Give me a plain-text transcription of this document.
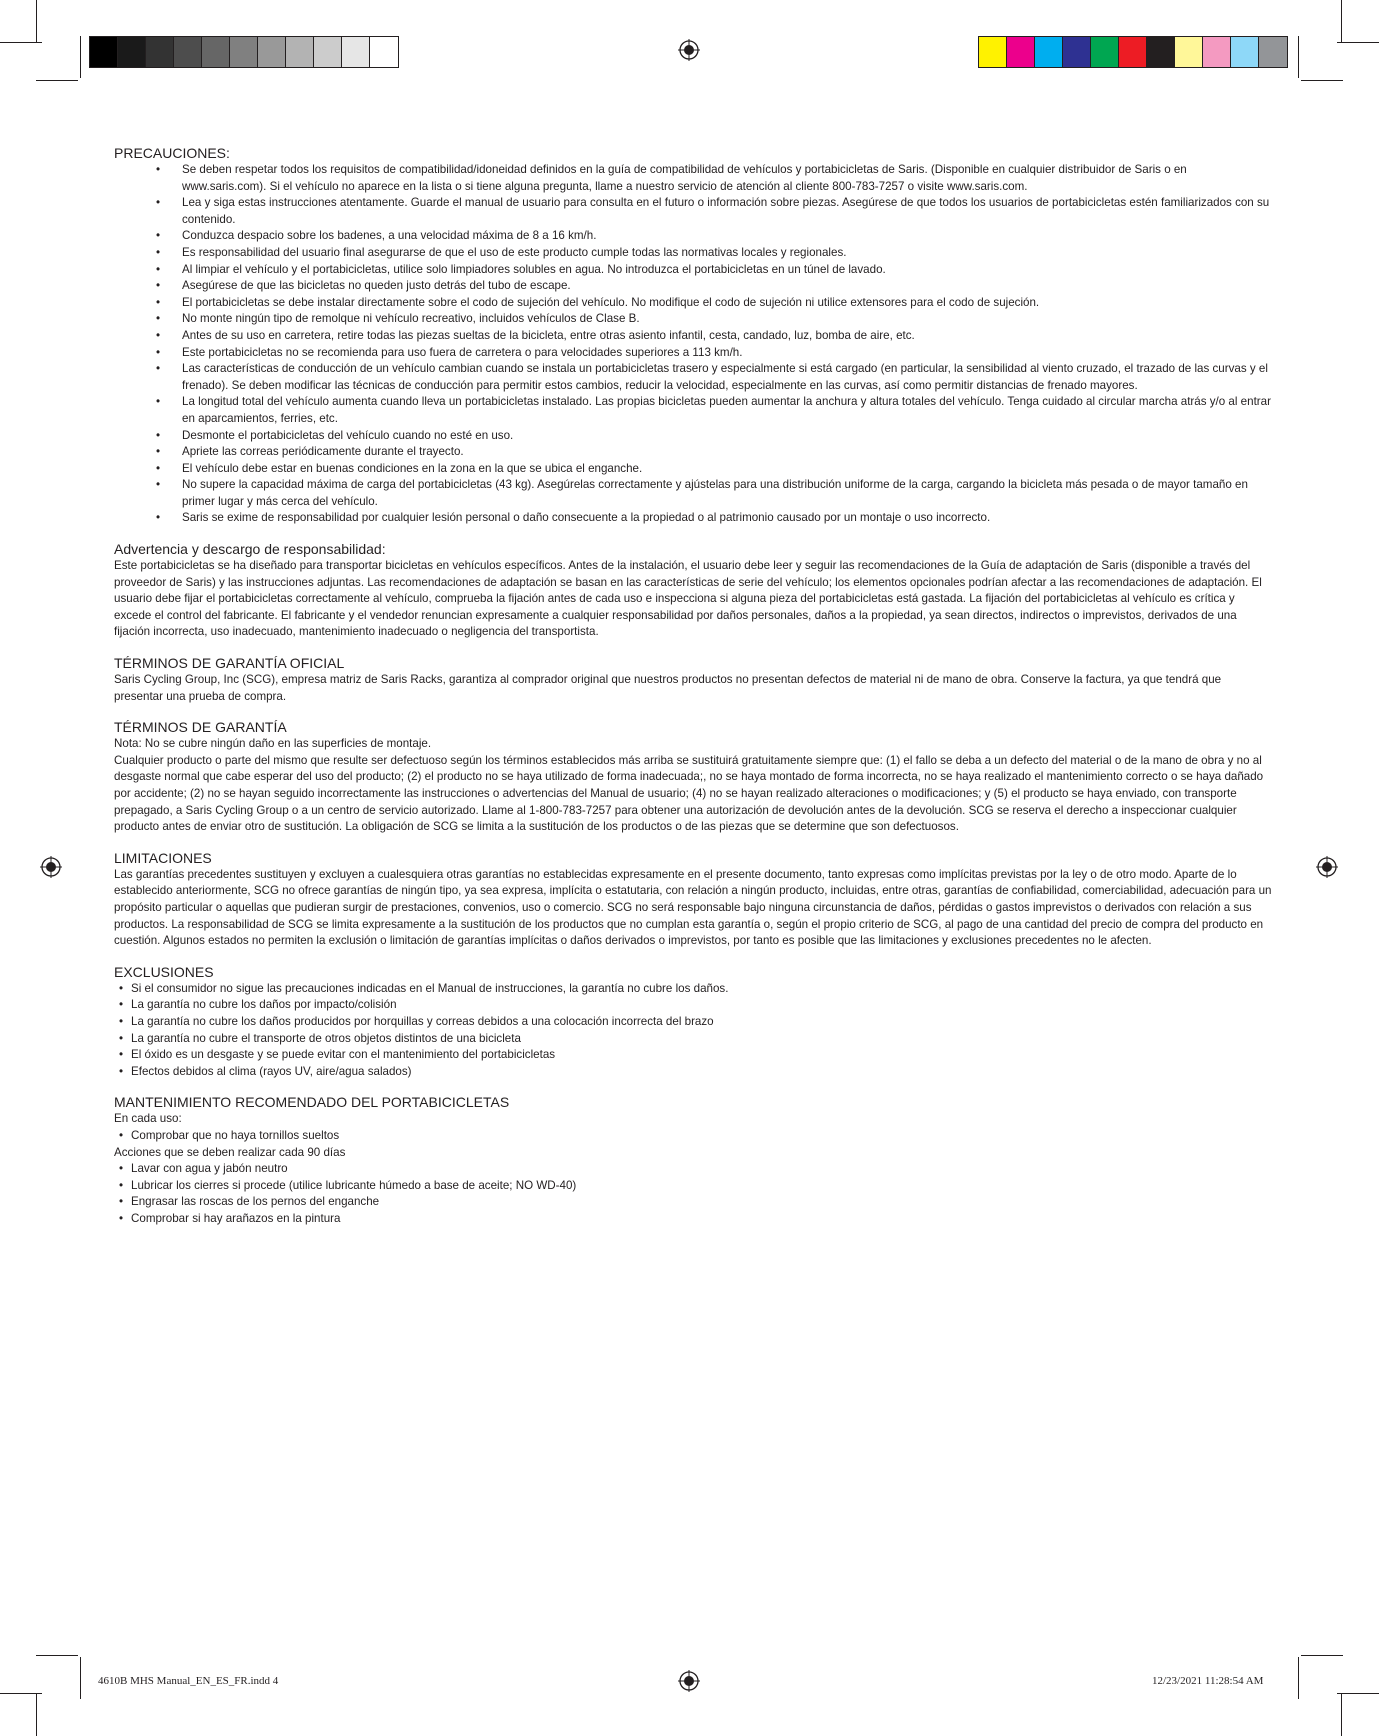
PRECAUCIONES:

• Se deben respetar todos los requisitos de compatibilidad/idoneidad definidos en la guía de compatibilidad de vehículos y portabicicletas de Saris. (Disponible en cualquier distribuidor de Saris o en www.saris.com). Si el vehículo no aparece en la lista o si tiene alguna pregunta, llame a nuestro servicio de atención al cliente 800-783-7257 o visite www.saris.com.
• Lea y siga estas instrucciones atentamente. Guarde el manual de usuario para consulta en el futuro o información sobre piezas. Asegúrese de que todos los usuarios de portabicicletas estén familiarizados con su contenido.
• Conduzca despacio sobre los badenes, a una velocidad máxima de 8 a 16 km/h.
• Es responsabilidad del usuario final asegurarse de que el uso de este producto cumple todas las normativas locales y regionales.
• Al limpiar el vehículo y el portabicicletas, utilice solo limpiadores solubles en agua. No introduzca el portabicicletas en un túnel de lavado.
• Asegúrese de que las bicicletas no queden justo detrás del tubo de escape.
• El portabicicletas se debe instalar directamente sobre el codo de sujeción del vehículo. No modifique el codo de sujeción ni utilice extensores para el codo de sujeción.
• No monte ningún tipo de remolque ni vehículo recreativo, incluidos vehículos de Clase B.
• Antes de su uso en carretera, retire todas las piezas sueltas de la bicicleta, entre otras asiento infantil, cesta, candado, luz, bomba de aire, etc.
• Este portabicicletas no se recomienda para uso fuera de carretera o para velocidades superiores a 113 km/h.
• Las características de conducción de un vehículo cambian cuando se instala un portabicicletas trasero y especialmente si está cargado (en particular, la sensibilidad al viento cruzado, el trazado de las curvas y el frenado). Se deben modificar las técnicas de conducción para permitir estos cambios, reducir la velocidad, especialmente en las curvas, así como permitir distancias de frenado mayores.
• La longitud total del vehículo aumenta cuando lleva un portabicicletas instalado. Las propias bicicletas pueden aumentar la anchura y altura totales del vehículo. Tenga cuidado al circular marcha atrás y/o al entrar en aparcamientos, ferries, etc.
• Desmonte el portabicicletas del vehículo cuando no esté en uso.
• Apriete las correas periódicamente durante el trayecto.
• El vehículo debe estar en buenas condiciones en la zona en la que se ubica el enganche.
• No supere la capacidad máxima de carga del portabicicletas (43 kg). Asegúrelas correctamente y ajústelas para una distribución uniforme de la carga, cargando la bicicleta más pesada o de mayor tamaño en primer lugar y más cerca del vehículo.
• Saris se exime de responsabilidad por cualquier lesión personal o daño consecuente a la propiedad o al patrimonio causado por un montaje o uso incorrecto.

Advertencia y descargo de responsabilidad:

Este portabicicletas se ha diseñado para transportar bicicletas en vehículos específicos. Antes de la instalación, el usuario debe leer y seguir las recomendaciones de la Guía de adaptación de Saris (disponible a través del proveedor de Saris) y las instrucciones adjuntas. Las recomendaciones de adaptación se basan en las características de serie del vehículo; los elementos opcionales podrían afectar a las recomendaciones de adaptación. El usuario debe fijar el portabicicletas correctamente al vehículo, comprueba la fijación antes de cada uso e inspecciona si alguna pieza del portabicicletas está gastada. La fijación del portabicicletas al vehículo es crítica y excede el control del fabricante. El fabricante y el vendedor renuncian expresamente a cualquier responsabilidad por daños personales, daños a la propiedad, ya sean directos, indirectos o imprevistos, derivados de una fijación incorrecta, uso inadecuado, mantenimiento inadecuado o negligencia del transportista.

TÉRMINOS DE GARANTÍA OFICIAL

Saris Cycling Group, Inc (SCG), empresa matriz de Saris Racks, garantiza al comprador original que nuestros productos no presentan defectos de material ni de mano de obra. Conserve la factura, ya que tendrá que presentar una prueba de compra.

TÉRMINOS DE GARANTÍA

Nota: No se cubre ningún daño en las superficies de montaje.

Cualquier producto o parte del mismo que resulte ser defectuoso según los términos establecidos más arriba se sustituirá gratuitamente siempre que: (1) el fallo se deba a un defecto del material o de la mano de obra y no al desgaste normal que cabe esperar del uso del producto; (2) el producto no se haya utilizado de forma inadecuada;, no se haya montado de forma incorrecta, no se haya realizado el mantenimiento correcto o se haya dañado por accidente; (2) no se hayan seguido incorrectamente las instrucciones o advertencias del Manual de usuario; (4) no se hayan realizado alteraciones o modificaciones; y (5) el producto se haya enviado, con transporte prepagado, a Saris Cycling Group o a un centro de servicio autorizado. Llame al 1-800-783-7257 para obtener una autorización de devolución antes de la devolución. SCG se reserva el derecho a inspeccionar cualquier producto antes de enviar otro de sustitución. La obligación de SCG se limita a la sustitución de los productos o de las piezas que se determine que son defectuosos.

LIMITACIONES

Las garantías precedentes sustituyen y excluyen a cualesquiera otras garantías no establecidas expresamente en el presente documento, tanto expresas como implícitas previstas por la ley o de otro modo. Aparte de lo establecido anteriormente, SCG no ofrece garantías de ningún tipo, ya sea expresa, implícita o estatutaria, con relación a ningún producto, incluidas, entre otras, garantías de confiabilidad, comerciabilidad, adecuación para un propósito particular o aquellas que pudieran surgir de prestaciones, convenios, uso o comercio. SCG no será responsable bajo ninguna circunstancia de daños, pérdidas o gastos imprevistos o derivados con relación a sus productos. La responsabilidad de SCG se limita expresamente a la sustitución de los productos que no cumplan esta garantía o, según el propio criterio de SCG, al pago de una cantidad del precio de compra del producto en cuestión. Algunos estados no permiten la exclusión o limitación de garantías implícitas o daños derivados o imprevistos, por tanto es posible que las limitaciones y exclusiones precedentes no le afecten.

EXCLUSIONES

• Si el consumidor no sigue las precauciones indicadas en el Manual de instrucciones, la garantía no cubre los daños.
• La garantía no cubre los daños por impacto/colisión
• La garantía no cubre los daños producidos por horquillas y correas debidos a una colocación incorrecta del brazo
• La garantía no cubre el transporte de otros objetos distintos de una bicicleta
• El óxido es un desgaste y se puede evitar con el mantenimiento del portabicicletas
• Efectos debidos al clima (rayos UV, aire/agua salados)

MANTENIMIENTO RECOMENDADO DEL PORTABICICLETAS

En cada uso:

• Comprobar que no haya tornillos sueltos

Acciones que se deben realizar cada 90 días

• Lavar con agua y jabón neutro
• Lubricar los cierres si procede (utilice lubricante húmedo a base de aceite; NO WD-40)
• Engrasar las roscas de los pernos del enganche
• Comprobar si hay arañazos en la pintura
4610B MHS Manual_EN_ES_FR.indd 4	12/23/2021 11:28:54 AM
